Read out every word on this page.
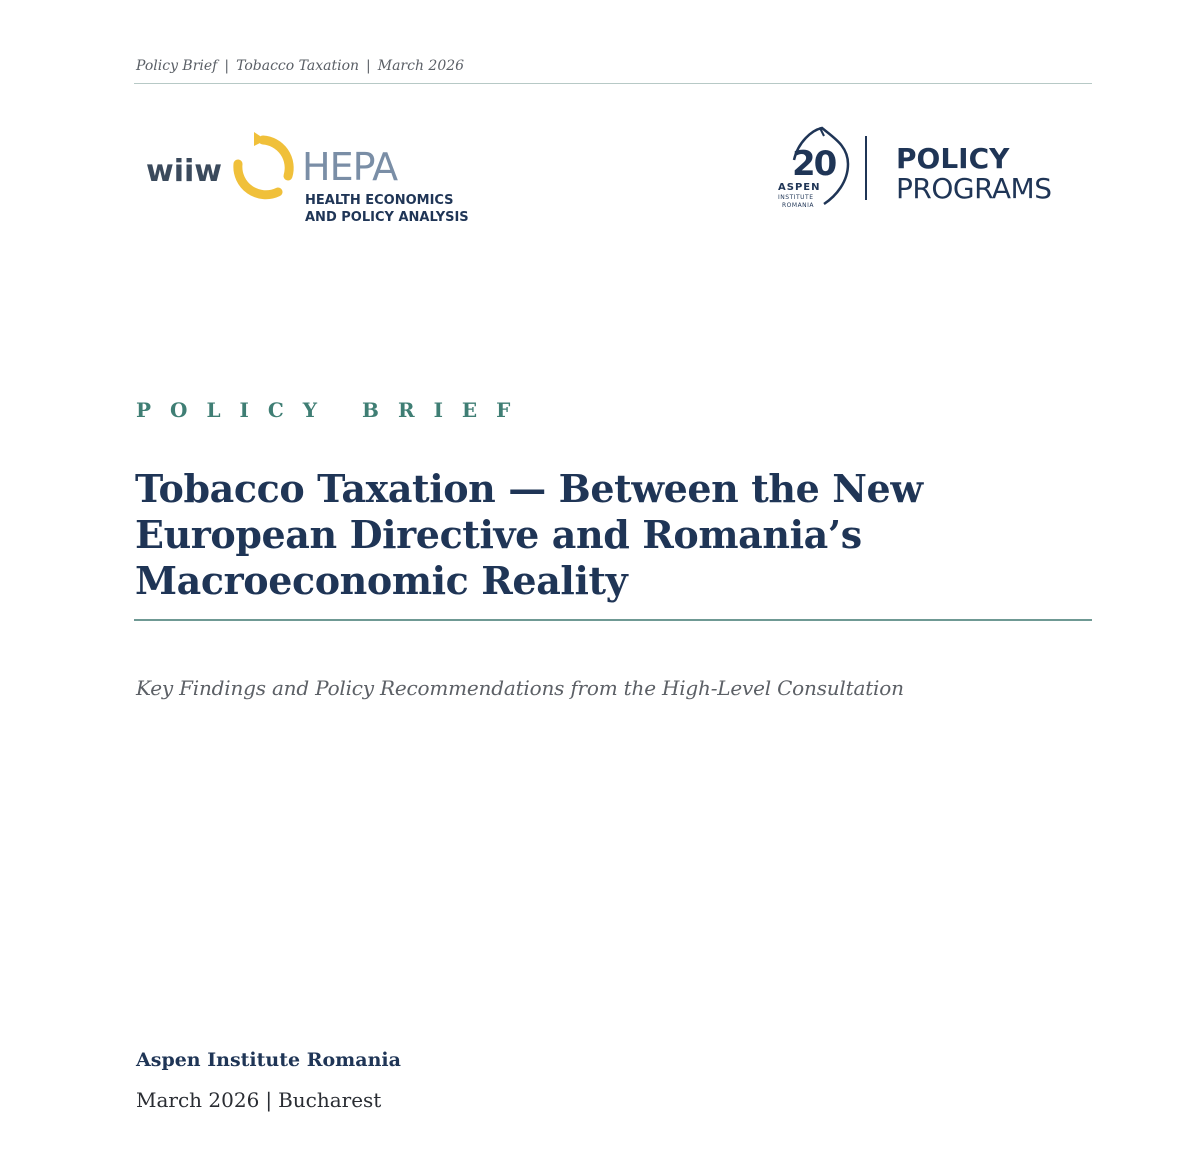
Policy Brief | Tobacco Taxation | March 2026
wiiw HEPA
HEALTH ECONOMICS
AND POLICY ANALYSIS
20
ASPEN
INSTITUTE
ROMANIA
POLICY
PROGRAMS
POLICY BRIEF
Tobacco Taxation — Between the New European Directive and Romania’s Macroeconomic Reality
Key Findings and Policy Recommendations from the High-Level Consultation
Aspen Institute Romania
March 2026 | Bucharest
